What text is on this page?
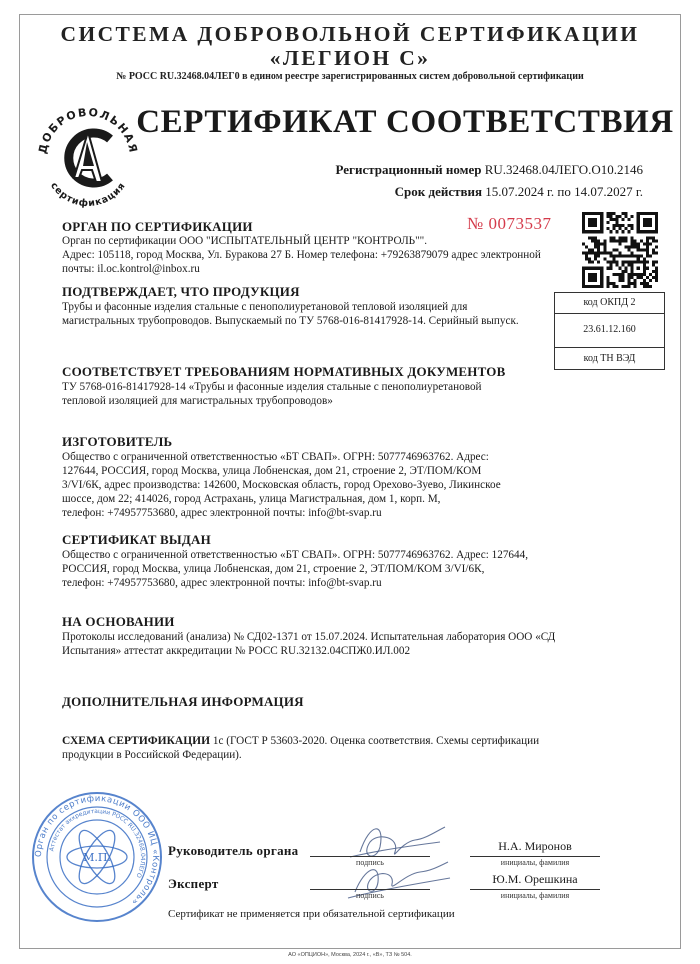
СИСТЕМА ДОБРОВОЛЬНОЙ СЕРТИФИКАЦИИ
«ЛЕГИОН С»
№ РОСС RU.32468.04ЛЕГ0 в едином реестре зарегистрированных систем добровольной сертификации
ДОБРОВОЛЬНАЯ
сертификация
СЕРТИФИКАТ СООТВЕТСТВИЯ
Регистрационный номер RU.32468.04ЛЕГО.О10.2146
Срок действия 15.07.2024 г. по 14.07.2027 г.
№ 0073537
ОРГАН ПО СЕРТИФИКАЦИИ
Орган по сертификации ООО "ИСПЫТАТЕЛЬНЫЙ ЦЕНТР "КОНТРОЛЬ"".
Адрес: 105118, город Москва, Ул. Буракова 27 Б. Номер телефона: +79263879079 адрес электронной
почты: il.oc.kontrol@inbox.ru
ПОДТВЕРЖДАЕТ, ЧТО ПРОДУКЦИЯ
Трубы и фасонные изделия стальные с пенополиуретановой тепловой изоляцией для
магистральных трубопроводов. Выпускаемый по ТУ 5768-016-81417928-14. Серийный выпуск.
код ОКПД 2
23.61.12.160
код ТН ВЭД
СООТВЕТСТВУЕТ ТРЕБОВАНИЯМ НОРМАТИВНЫХ ДОКУМЕНТОВ
ТУ 5768-016-81417928-14 «Трубы и фасонные изделия стальные с пенополиуретановой
тепловой изоляцией для магистральных трубопроводов»
ИЗГОТОВИТЕЛЬ
Общество с ограниченной ответственностью «БТ СВАП». ОГРН: 5077746963762. Адрес:
127644, РОССИЯ, город Москва, улица Лобненская, дом 21, строение 2, ЭТ/ПОМ/КОМ
3/VI/6К, адрес производства: 142600, Московская область, город Орехово-Зуево, Ликинское
шоссе, дом 22; 414026, город Астрахань, улица Магистральная, дом 1, корп. М,
телефон: +74957753680, адрес электронной почты: info@bt-svap.ru
СЕРТИФИКАТ ВЫДАН
Общество с ограниченной ответственностью «БТ СВАП». ОГРН: 5077746963762. Адрес: 127644,
РОССИЯ, город Москва, улица Лобненская, дом 21, строение 2, ЭТ/ПОМ/КОМ 3/VI/6К,
телефон: +74957753680, адрес электронной почты: info@bt-svap.ru
НА ОСНОВАНИИ
Протоколы исследований (анализа) № СД02-1371 от 15.07.2024. Испытательная лаборатория ООО «СД
Испытания» аттестат аккредитации № РОСС RU.32132.04СПЖ0.ИЛ.002
ДОПОЛНИТЕЛЬНАЯ ИНФОРМАЦИЯ
СХЕМА СЕРТИФИКАЦИИ 1с (ГОСТ Р 53603-2020. Оценка соответствия. Схемы сертификации
продукции в Российской Федерации).
Орган по сертификации ООО ИЦ «Контроль»
Аттестат аккредитации РОСС RU.32468.04ЛЕГО
М.П.	Руководитель органа
Эксперт
подпись	инициалы, фамилия
Н.А. Миронов
подпись	инициалы, фамилия
Ю.М. Орешкина
Сертификат не применяется при обязательной сертификации
АО «ОПЦИОН», Москва, 2024 г., «В», ТЗ № 504.
